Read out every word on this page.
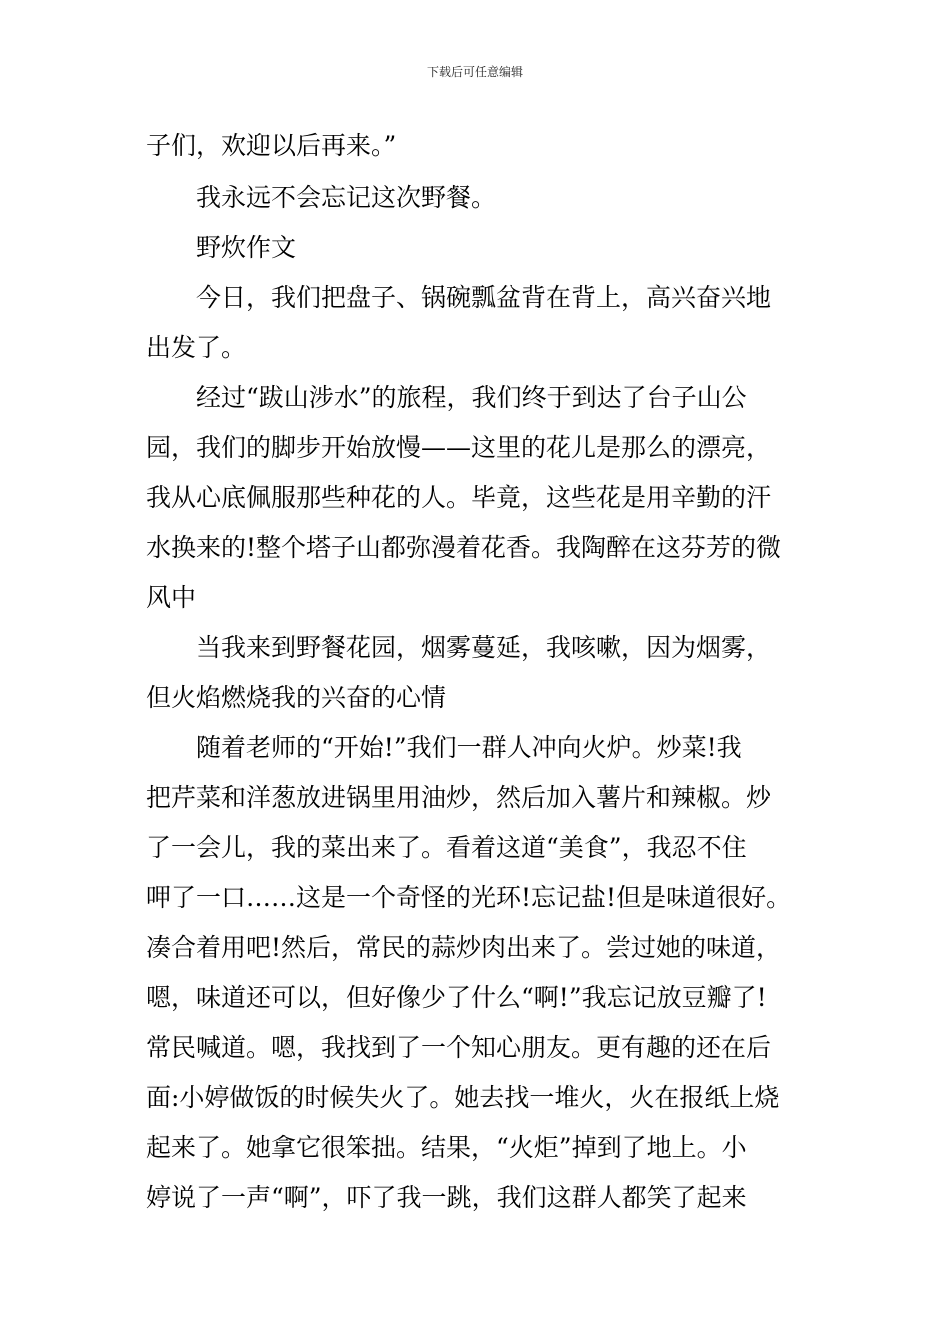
下载后可任意编辑
子们，欢迎以后再来。”
我永远不会忘记这次野餐。
野炊作文
今日，我们把盘子、锅碗瓢盆背在背上，高兴奋兴地
出发了。
经过“跋山涉水”的旅程，我们终于到达了台子山公
园，我们的脚步开始放慢——这里的花儿是那么的漂亮，
我从心底佩服那些种花的人。毕竟，这些花是用辛勤的汗
水换来的!整个塔子山都弥漫着花香。我陶醉在这芬芳的微
风中
当我来到野餐花园，烟雾蔓延，我咳嗽，因为烟雾，
但火焰燃烧我的兴奋的心情
随着老师的“开始!”我们一群人冲向火炉。炒菜!我
把芹菜和洋葱放进锅里用油炒，然后加入薯片和辣椒。炒
了一会儿，我的菜出来了。看着这道“美食”，我忍不住
呷了一口……这是一个奇怪的光环!忘记盐!但是味道很好。
凑合着用吧!然后，常民的蒜炒肉出来了。尝过她的味道，
嗯，味道还可以，但好像少了什么“啊!”我忘记放豆瓣了!
常民喊道。嗯，我找到了一个知心朋友。更有趣的还在后
面:小婷做饭的时候失火了。她去找一堆火，火在报纸上烧
起来了。她拿它很笨拙。结果，“火炬”掉到了地上。小
婷说了一声“啊”，吓了我一跳，我们这群人都笑了起来
